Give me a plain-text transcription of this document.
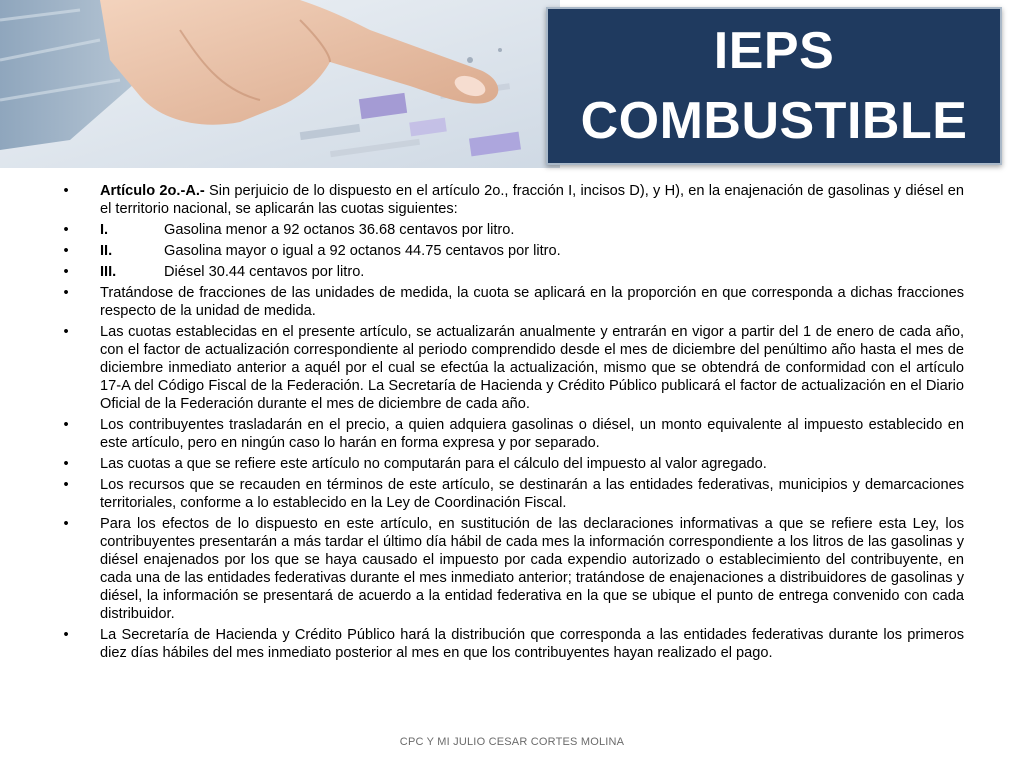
IEPS
COMBUSTIBLE
• Artículo 2o.-A.- Sin perjuicio de lo dispuesto en el artículo 2o., fracción I, incisos D), y H), en la enajenación de gasolinas y diésel en el territorio nacional, se aplicarán las cuotas siguientes:
• I.	Gasolina menor a 92 octanos 36.68 centavos por litro.
• II.	Gasolina mayor o igual a 92 octanos 44.75 centavos por litro.
• III.	Diésel 30.44 centavos por litro.
• Tratándose de fracciones de las unidades de medida, la cuota se aplicará en la proporción en que corresponda a dichas fracciones respecto de la unidad de medida.
• Las cuotas establecidas en el presente artículo, se actualizarán anualmente y entrarán en vigor a partir del 1 de enero de cada año, con el factor de actualización correspondiente al periodo comprendido desde el mes de diciembre del penúltimo año hasta el mes de diciembre inmediato anterior a aquél por el cual se efectúa la actualización, mismo que se obtendrá de conformidad con el artículo 17-A del Código Fiscal de la Federación. La Secretaría de Hacienda y Crédito Público publicará el factor de actualización en el Diario Oficial de la Federación durante el mes de diciembre de cada año.
• Los contribuyentes trasladarán en el precio, a quien adquiera gasolinas o diésel, un monto equivalente al impuesto establecido en este artículo, pero en ningún caso lo harán en forma expresa y por separado.
• Las cuotas a que se refiere este artículo no computarán para el cálculo del impuesto al valor agregado.
• Los recursos que se recauden en términos de este artículo, se destinarán a las entidades federativas, municipios y demarcaciones territoriales, conforme a lo establecido en la Ley de Coordinación Fiscal.
• Para los efectos de lo dispuesto en este artículo, en sustitución de las declaraciones informativas a que se refiere esta Ley, los contribuyentes presentarán a más tardar el último día hábil de cada mes la información correspondiente a los litros de las gasolinas y diésel enajenados por los que se haya causado el impuesto por cada expendio autorizado o establecimiento del contribuyente, en cada una de las entidades federativas durante el mes inmediato anterior; tratándose de enajenaciones a distribuidores de gasolinas y diésel, la información se presentará de acuerdo a la entidad federativa en la que se ubique el punto de entrega convenido con cada distribuidor.
• La Secretaría de Hacienda y Crédito Público hará la distribución que corresponda a las entidades federativas durante los primeros diez días hábiles del mes inmediato posterior al mes en que los contribuyentes hayan realizado el pago.
CPC Y MI JULIO CESAR CORTES MOLINA
